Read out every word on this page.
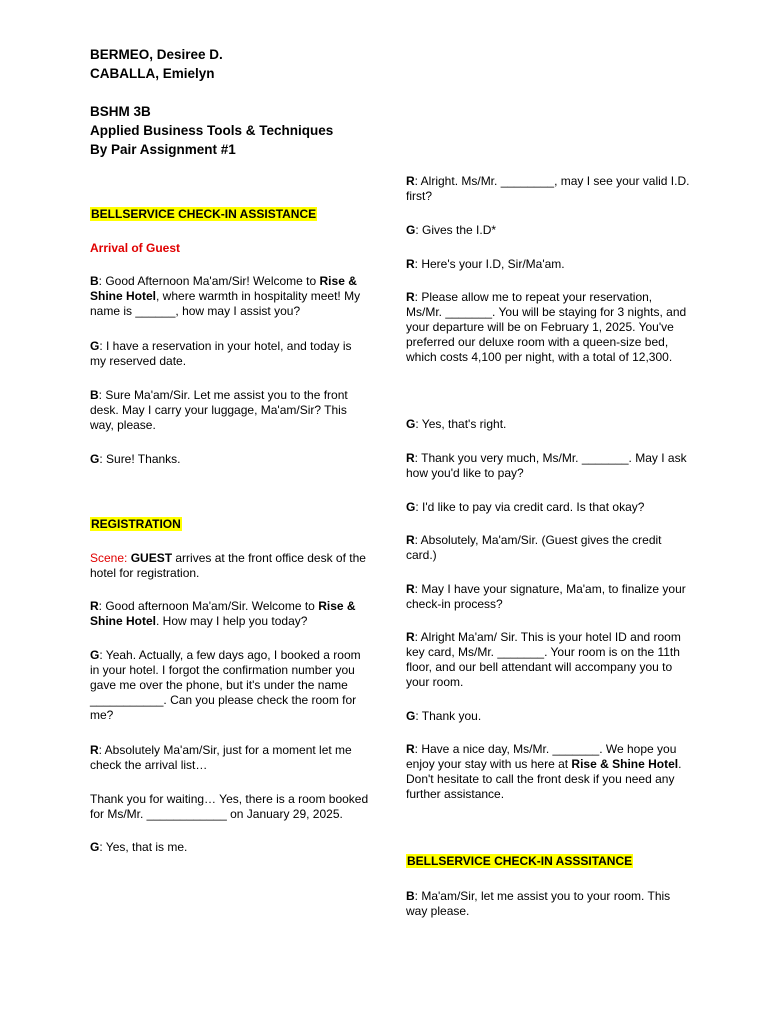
BERMEO, Desiree D.
CABALLA, Emielyn
BSHM 3B
Applied Business Tools & Techniques
By Pair Assignment #1
BELLSERVICE CHECK-IN ASSISTANCE
Arrival of Guest

B: Good Afternoon Ma'am/Sir! Welcome to Rise & Shine Hotel, where warmth in hospitality meet! My name is ______, how may I assist you?

G: I have a reservation in your hotel, and today is my reserved date.

B: Sure Ma'am/Sir. Let me assist you to the front desk. May I carry your luggage, Ma'am/Sir? This way, please.

G: Sure! Thanks.

REGISTRATION

Scene: GUEST arrives at the front office desk of the hotel for registration.

R: Good afternoon Ma'am/Sir. Welcome to Rise & Shine Hotel. How may I help you today?

G: Yeah. Actually, a few days ago, I booked a room in your hotel. I forgot the confirmation number you gave me over the phone, but it's under the name ___________. Can you please check the room for me?

R: Absolutely Ma'am/Sir, just for a moment let me check the arrival list…

Thank you for waiting… Yes, there is a room booked for Ms/Mr. ____________ on January 29, 2025.

G: Yes, that is me.

R: Alright. Ms/Mr. ________, may I see your valid I.D. first?

G: Gives the I.D*

R: Here's your I.D, Sir/Ma'am.

R: Please allow me to repeat your reservation, Ms/Mr. _______. You will be staying for 3 nights, and your departure will be on February 1, 2025. You've preferred our deluxe room with a queen-size bed, which costs 4,100 per night, with a total of 12,300.

G: Yes, that's right.

R: Thank you very much, Ms/Mr. _______. May I ask how you'd like to pay?

G: I'd like to pay via credit card. Is that okay?

R: Absolutely, Ma'am/Sir. (Guest gives the credit card.)

R: May I have your signature, Ma'am, to finalize your check-in process?

R: Alright Ma'am/ Sir. This is your hotel ID and room key card, Ms/Mr. _______. Your room is on the 11th floor, and our bell attendant will accompany you to your room.

G: Thank you.

R: Have a nice day, Ms/Mr. _______. We hope you enjoy your stay with us here at Rise & Shine Hotel. Don't hesitate to call the front desk if you need any further assistance.

BELLSERVICE CHECK-IN ASSSITANCE

B: Ma'am/Sir, let me assist you to your room. This way please.
